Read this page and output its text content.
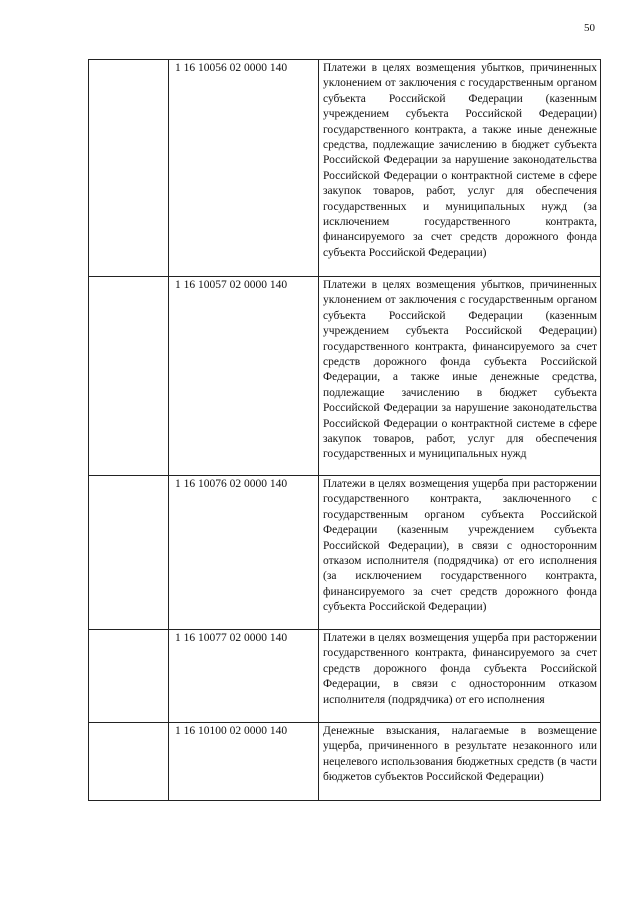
50
	1 16 10056 02 0000 140	Платежи в целях возмещения убытков, причиненных уклонением от заключения с государственным органом субъекта Российской Федерации (казенным учреждением субъекта Российской Федерации) государственного контракта, а также иные денежные средства, подлежащие зачислению в бюджет субъекта Российской Федерации за нарушение законодательства Российской Федерации о контрактной системе в сфере закупок товаров, работ, услуг для обеспечения государственных и муниципальных нужд (за исключением государственного контракта, финансируемого за счет средств дорожного фонда субъекта Российской Федерации)
	1 16 10057 02 0000 140	Платежи в целях возмещения убытков, причиненных уклонением от заключения с государственным органом субъекта Российской Федерации (казенным учреждением субъекта Российской Федерации) государственного контракта, финансируемого за счет средств дорожного фонда субъекта Российской Федерации, а также иные денежные средства, подлежащие зачислению в бюджет субъекта Российской Федерации за нарушение законодательства Российской Федерации о контрактной системе в сфере закупок товаров, работ, услуг для обеспечения государственных и муниципальных нужд
	1 16 10076 02 0000 140	Платежи в целях возмещения ущерба при расторжении государственного контракта, заключенного с государственным органом субъекта Российской Федерации (казенным учреждением субъекта Российской Федерации), в связи с односторонним отказом исполнителя (подрядчика) от его исполнения (за исключением государственного контракта, финансируемого за счет средств дорожного фонда субъекта Российской Федерации)
	1 16 10077 02 0000 140	Платежи в целях возмещения ущерба при расторжении государственного контракта, финансируемого за счет средств дорожного фонда субъекта Российской Федерации, в связи с односторонним отказом исполнителя (подрядчика) от его исполнения
	1 16 10100 02 0000 140	Денежные взыскания, налагаемые в возмещение ущерба, причиненного в результате незаконного или нецелевого использования бюджетных средств (в части бюджетов субъектов Российской Федерации)
